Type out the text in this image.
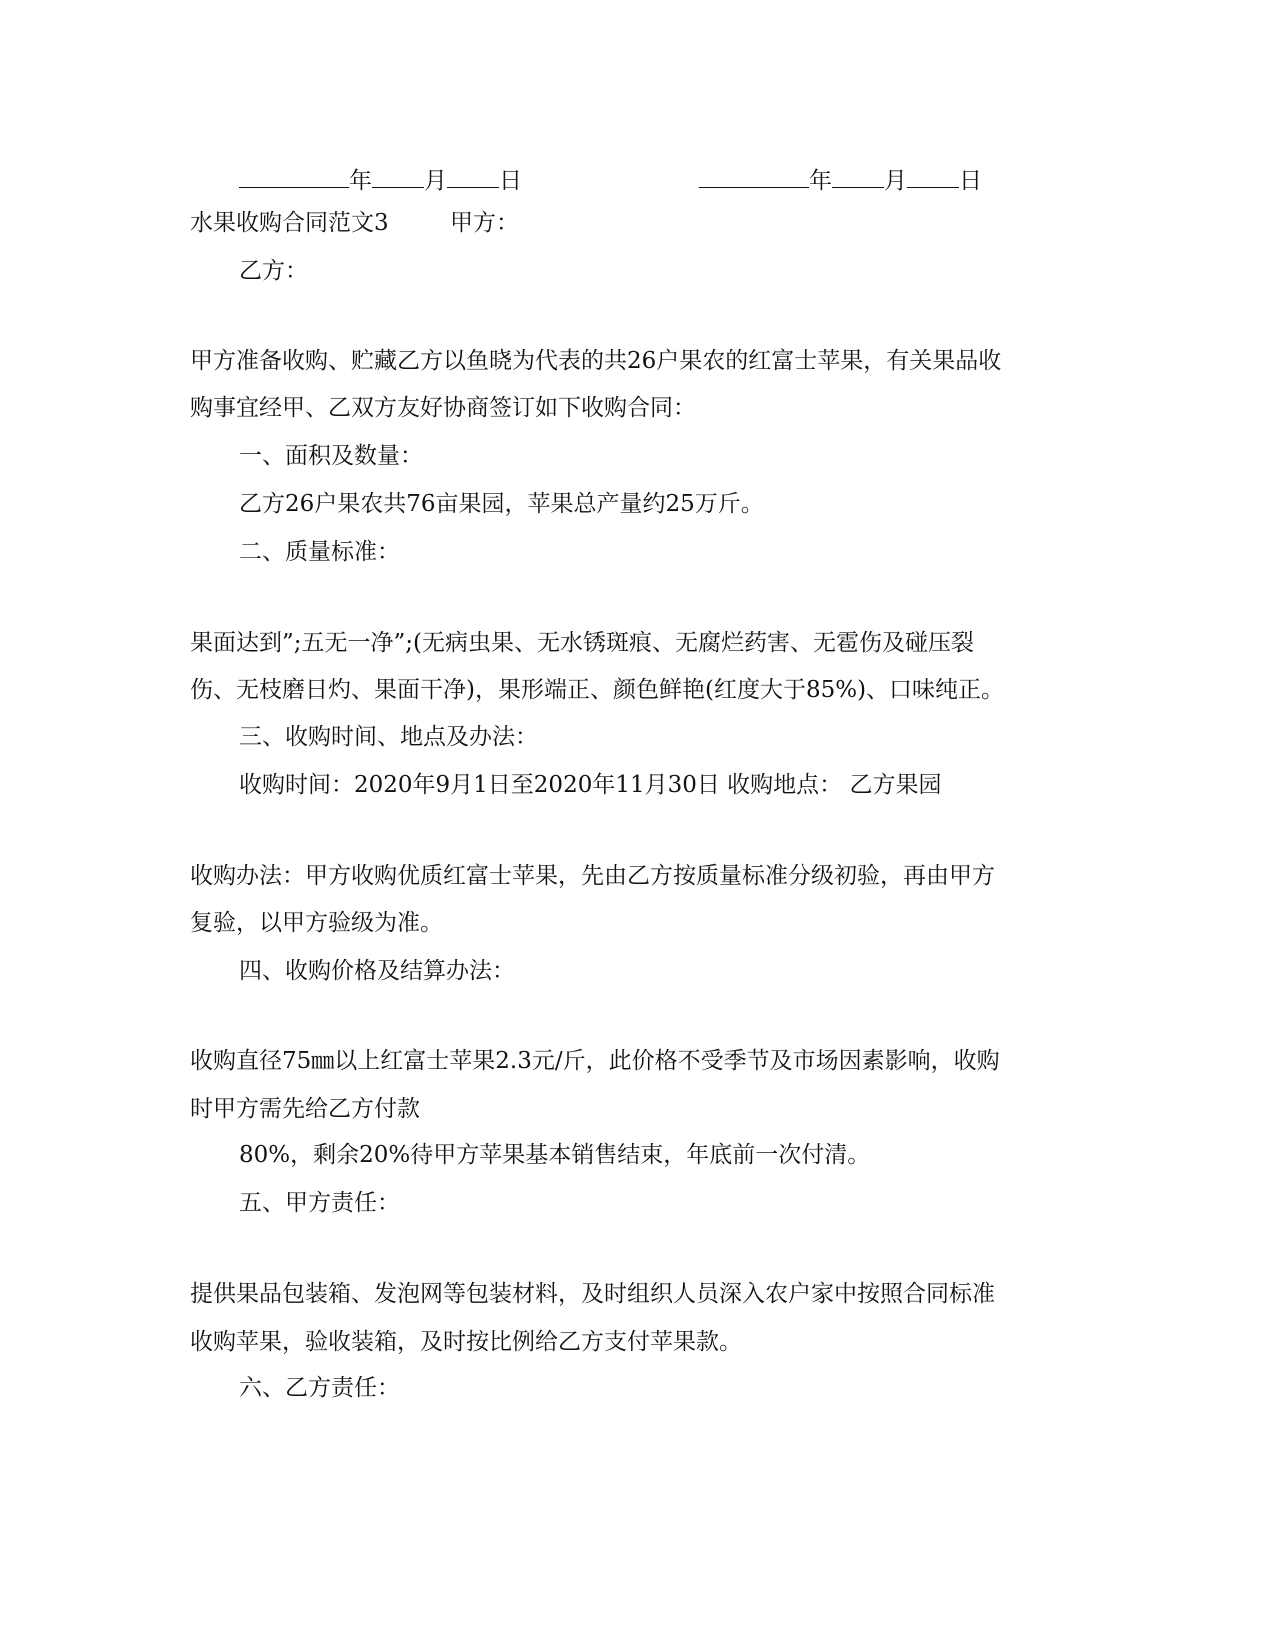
年 月 日	年 月 日
水果收购合同范文3	甲方：
乙方：
甲方准备收购、贮藏乙方以鱼晓为代表的共26户果农的红富士苹果，有关果品收
购事宜经甲、乙双方友好协商签订如下收购合同：
一、面积及数量：
乙方26户果农共76亩果园，苹果总产量约25万斤。
二、质量标准：
果面达到”;五无一净”;(无病虫果、无水锈斑痕、无腐烂药害、无雹伤及碰压裂
伤、无枝磨日灼、果面干净)，果形端正、颜色鲜艳(红度大于85%)、口味纯正。
三、收购时间、地点及办法：
收购时间：2020年9月1日至2020年11月30日 收购地点： 乙方果园
收购办法：甲方收购优质红富士苹果，先由乙方按质量标准分级初验，再由甲方
复验，以甲方验级为准。
四、收购价格及结算办法：
收购直径75㎜以上红富士苹果2.3元/斤，此价格不受季节及市场因素影响，收购
时甲方需先给乙方付款
80%，剩余20%待甲方苹果基本销售结束，年底前一次付清。
五、甲方责任：
提供果品包装箱、发泡网等包装材料，及时组织人员深入农户家中按照合同标准
收购苹果，验收装箱，及时按比例给乙方支付苹果款。
六、乙方责任：
